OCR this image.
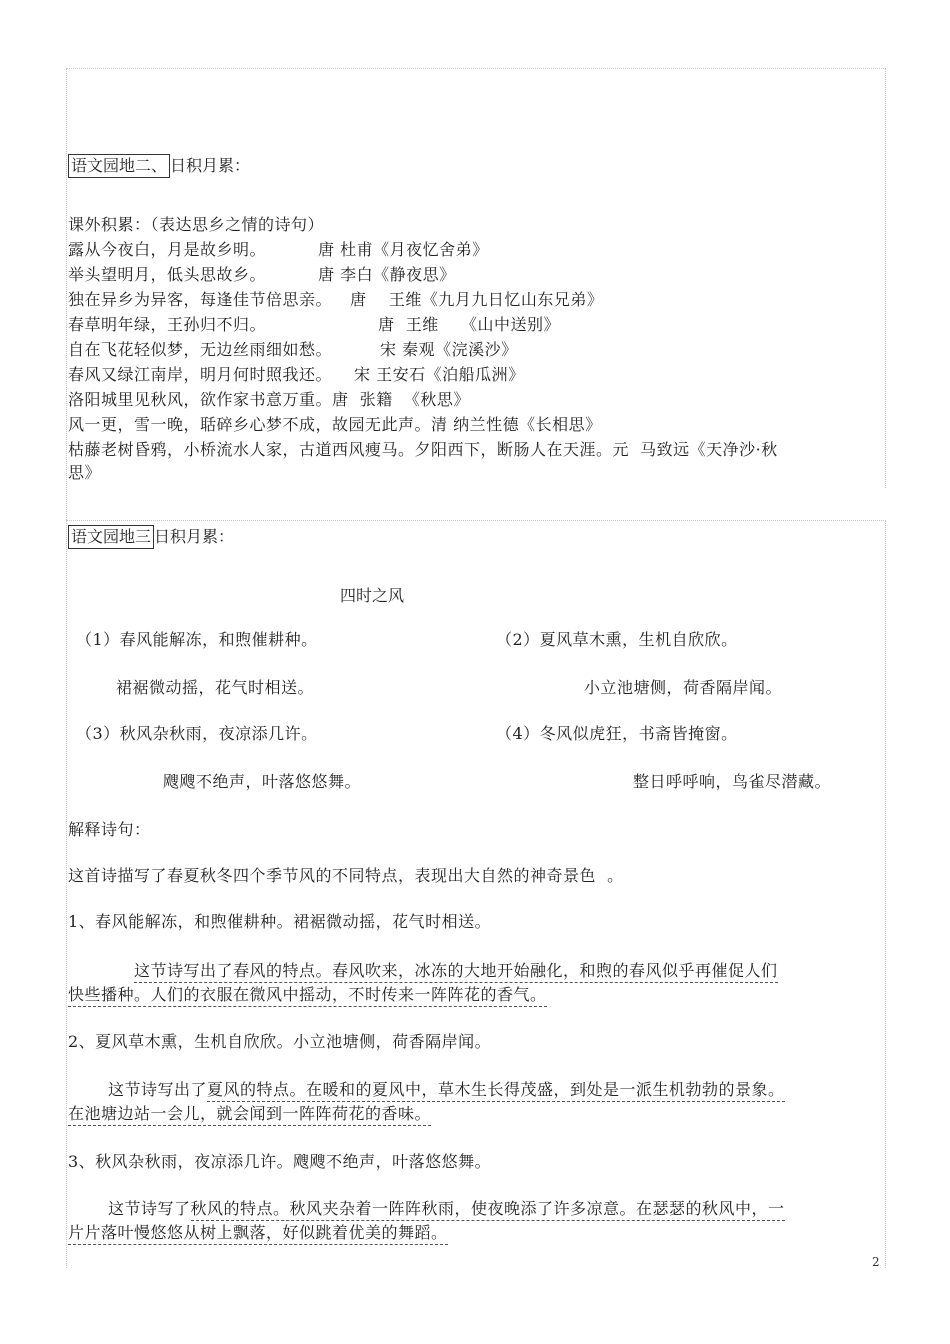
语文园地二、 日积月累：
课外积累：（表达思乡之情的诗句）
露从今夜白，月是故乡明。	唐 杜甫《月夜忆舍弟》
举头望明月，低头思故乡。	唐 李白《静夜思》
独在异乡为异客，每逢佳节倍思亲。 唐    王维《九月九日忆山东兄弟》
春草明年绿，王孙归不归。	唐  王维    《山中送别》
自在飞花轻似梦，无边丝雨细如愁。	宋 秦观《浣溪沙》
春风又绿江南岸，明月何时照我还。 宋 王安石《泊船瓜洲》
洛阳城里见秋风，欲作家书意万重。唐  张籍  《秋思》
风一更，雪一晚，聒碎乡心梦不成，故园无此声。清 纳兰性德《长相思》
枯藤老树昏鸦，小桥流水人家，古道西风瘦马。夕阳西下，断肠人在天涯。元  马致远《天净沙·秋
思》
语文园地三 日积月累：
四时之风
（1）春风能解冻，和煦催耕种。	（2）夏风草木熏，生机自欣欣。
裙裾微动摇，花气时相送。	小立池塘侧，荷香隔岸闻。
（3）秋风杂秋雨，夜凉添几许。	（4）冬风似虎狂，书斋皆掩窗。
飕飕不绝声，叶落悠悠舞。	整日呼呼响，鸟雀尽潜藏。
解释诗句：
这首诗描写了春夏秋冬四个季节风的不同特点，表现出大自然的神奇景色  。
1、春风能解冻，和煦催耕种。裙裾微动摇，花气时相送。
这节诗写出了春风的特点。春风吹来，冰冻的大地开始融化，和煦的春风似乎再催促人们
快些播种。人们的衣服在微风中摇动，不时传来一阵阵花的香气。
2、夏风草木熏，生机自欣欣。小立池塘侧，荷香隔岸闻。
这节诗写出了夏风的特点。在暖和的夏风中，草木生长得茂盛，到处是一派生机勃勃的景象。
在池塘边站一会儿，就会闻到一阵阵荷花的香味。
3、秋风杂秋雨，夜凉添几许。飕飕不绝声，叶落悠悠舞。
这节诗写了秋风的特点。秋风夹杂着一阵阵秋雨，使夜晚添了许多凉意。在瑟瑟的秋风中，一
片片落叶慢悠悠从树上飘落，好似跳着优美的舞蹈。
2
